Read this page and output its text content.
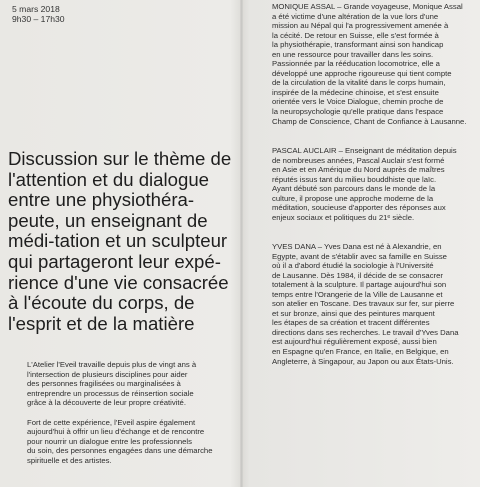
5 mars 2018
9h30 – 17h30
Discussion sur le thème de
l'attention et du dialogue
entre une physiothéra-
peute, un enseignant de
médi-tation et un sculpteur
qui partageront leur expé-
rience d'une vie consacrée
à l'écoute du corps, de
l'esprit et de la matière

L'Atelier l'Eveil travaille depuis plus de vingt ans à
l'intersection de plusieurs disciplines pour aider
des personnes fragilisées ou marginalisées à
entreprendre un processus de réinsertion sociale
grâce à la découverte de leur propre créativité.

Fort de cette expérience, l'Eveil aspire également
aujourd'hui à offrir un lieu d'échange et de rencontre
pour nourrir un dialogue entre les professionnels
du soin, des personnes engagées dans une démarche
spirituelle et des artistes.

MONIQUE ASSAL – Grande voyageuse, Monique Assal
a été victime d'une altération de la vue lors d'une
mission au Népal qui l'a progressivement amenée à
la cécité. De retour en Suisse, elle s'est formée à
la physiothérapie, transformant ainsi son handicap
en une ressource pour travailler dans les soins.
Passionnée par la rééducation locomotrice, elle a
développé une approche rigoureuse qui tient compte
de la circulation de la vitalité dans le corps humain,
inspirée de la médecine chinoise, et s'est ensuite
orientée vers le Voice Dialogue, chemin proche de
la neuropsychologie qu'elle pratique dans l'espace
Champ de Conscience, Chant de Confiance à Lausanne.
PASCAL AUCLAIR – Enseignant de méditation depuis
de nombreuses années, Pascal Auclair s'est formé
en Asie et en Amérique du Nord auprès de maîtres
réputés issus tant du milieu bouddhiste que laïc.
Ayant débuté son parcours dans le monde de la
culture, il propose une approche moderne de la
méditation, soucieuse d'apporter des réponses aux
enjeux sociaux et politiques du 21ᵉ siècle.
YVES DANA – Yves Dana est né à Alexandrie, en
Egypte, avant de s'établir avec sa famille en Suisse
où il a d'abord étudié la sociologie à l'Université
de Lausanne. Dès 1984, il décide de se consacrer
totalement à la sculpture. Il partage aujourd'hui son
temps entre l'Orangerie de la Ville de Lausanne et
son atelier en Toscane. Des travaux sur fer, sur pierre
et sur bronze, ainsi que des peintures marquent
les étapes de sa création et tracent différentes
directions dans ses recherches. Le travail d'Yves Dana
est aujourd'hui régulièrement exposé, aussi bien
en Espagne qu'en France, en Italie, en Belgique, en
Angleterre, à Singapour, au Japon ou aux États-Unis.
